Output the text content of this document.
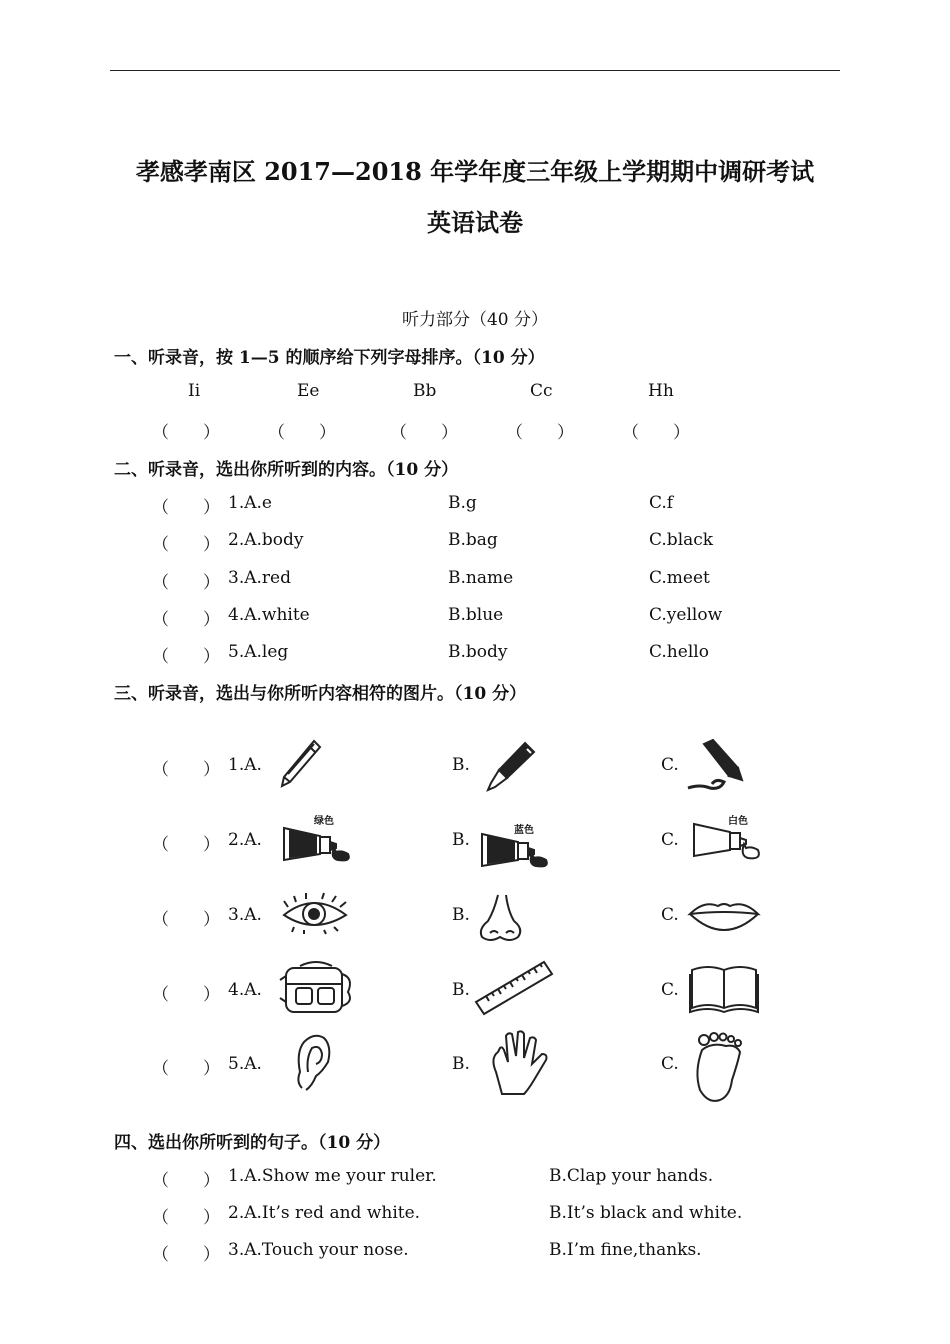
孝感孝南区 2017—2018 年学年度三年级上学期期中调研考试
英语试卷
听力部分（40 分）
一、听录音，按 1—5 的顺序给下列字母排序。（10 分）
Ii	Ee	Bb	Cc	Hh
（　　）	（　　）	（　　）	（　　）	（　　）
二、听录音，选出你所听到的内容。（10 分）
（　　） 1.A.e	B.g	C.f
（　　） 2.A.body	B.bag	C.black
（　　） 3.A.red	B.name	C.meet
（　　） 4.A.white	B.blue	C.yellow
（　　） 5.A.leg	B.body	C.hello
三、听录音，选出与你所听内容相符的图片。（10 分）
（　　） 1.A.	B.	C.
（　　） 2.A.	B.	C.
绿色
蓝色
白色
（　　） 3.A.	B.	C.
（　　） 4.A.	B.	C.
（　　） 5.A.	B.	C.
四、选出你所听到的句子。（10 分）
（　　） 1.A.Show me your ruler.	B.Clap your hands.
（　　） 2.A.It’s red and white.	B.It’s black and white.
（　　） 3.A.Touch your nose.	B.I’m fine,thanks.
